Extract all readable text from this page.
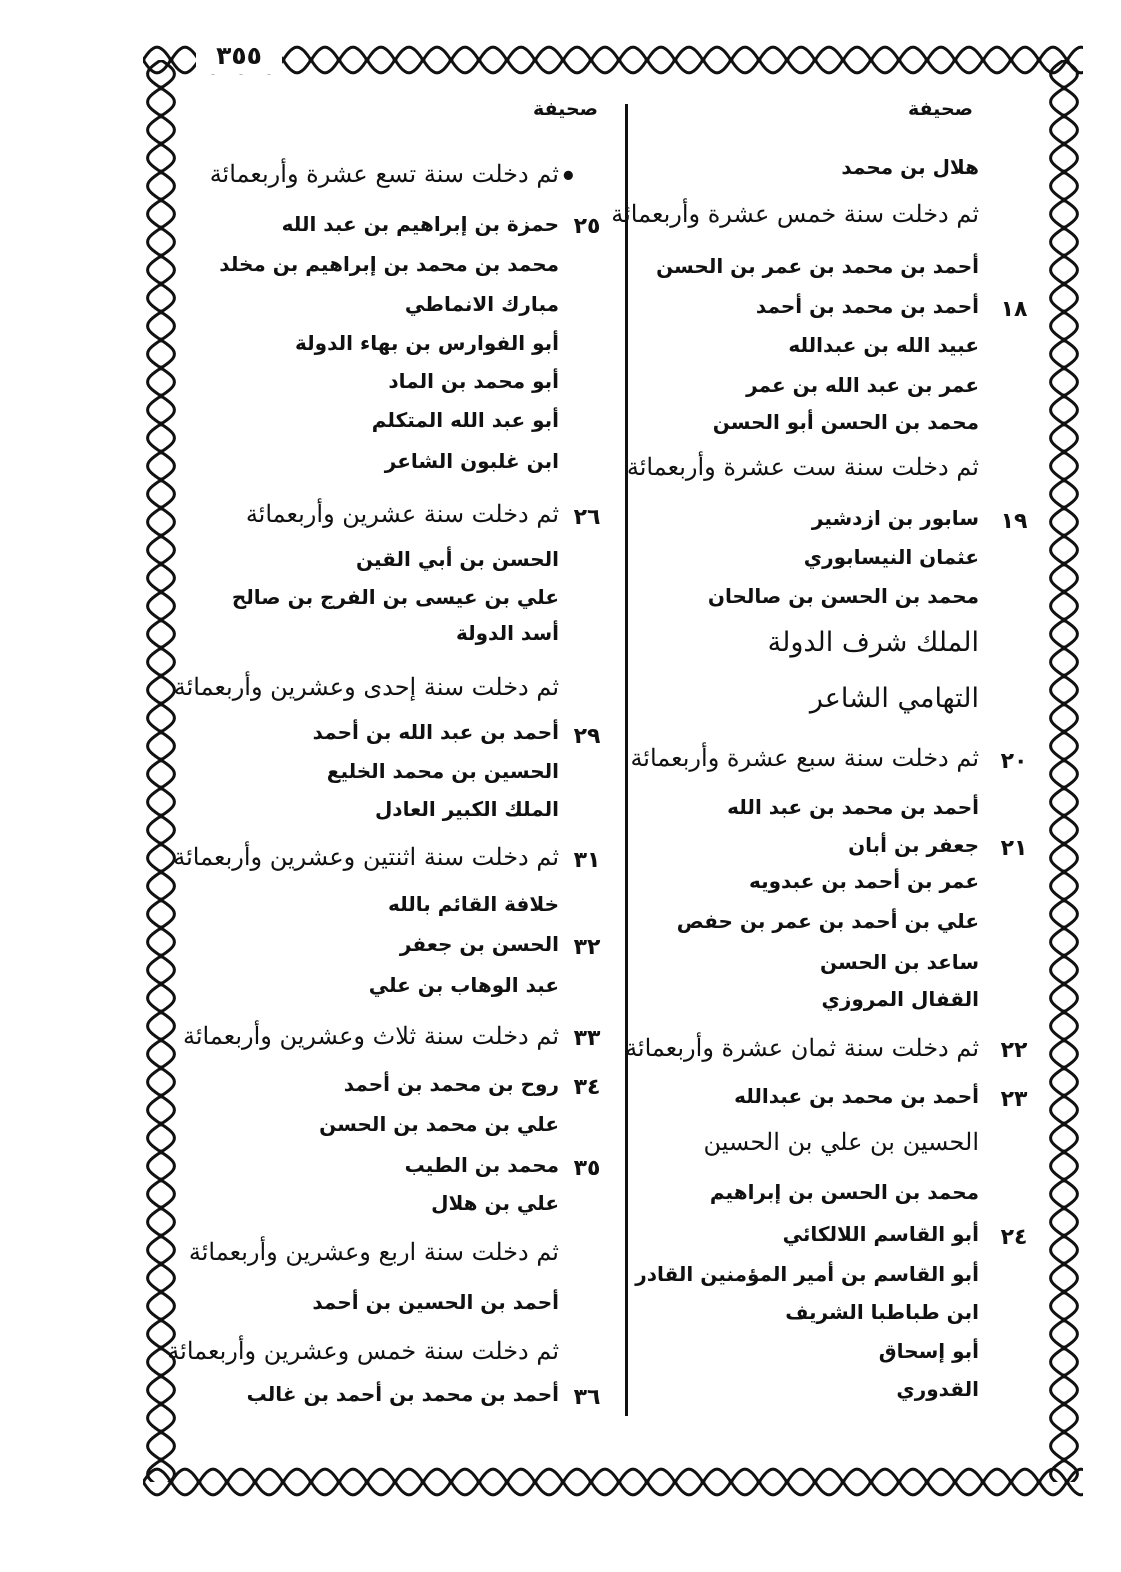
٣٥٥
صحيفة
صحيفة
•	هلال بن محمد
ثم دخلت سنة خمس عشرة وأربعمائة
أحمد بن محمد بن عمر بن الحسن
أحمد بن محمد بن أحمد
عبيد الله بن عبدالله
عمر بن عبد الله بن عمر
محمد بن الحسن أبو الحسن
ثم دخلت سنة ست عشرة وأربعمائة
سابور بن ازدشير
عثمان النيسابوري
محمد بن الحسن بن صالحان
الملك شرف الدولة
التهامي الشاعر
ثم دخلت سنة سبع عشرة وأربعمائة
أحمد بن محمد بن عبد الله
جعفر بن أبان
عمر بن أحمد بن عبدويه
علي بن أحمد بن عمر بن حفص
ساعد بن الحسن
القفال المروزي
ثم دخلت سنة ثمان عشرة وأربعمائة
أحمد بن محمد بن عبدالله
الحسين بن علي بن الحسين
محمد بن الحسن بن إبراهيم
أبو القاسم اللالكائي
أبو القاسم بن أمير المؤمنين القادر
ابن طباطبا الشريف
أبو إسحاق
القدوري
١٨
١٩
٢٠
٢١
٢٢
٢٣
٢٤
ثم دخلت سنة تسع عشرة وأربعمائة
حمزة بن إبراهيم بن عبد الله
محمد بن محمد بن إبراهيم بن مخلد
مبارك الانماطي
أبو الفوارس بن بهاء الدولة
أبو محمد بن الماد
أبو عبد الله المتكلم
ابن غلبون الشاعر
ثم دخلت سنة عشرين وأربعمائة
الحسن بن أبي القين
علي بن عيسى بن الفرج بن صالح
أسد الدولة
ثم دخلت سنة إحدى وعشرين وأربعمائة
أحمد بن عبد الله بن أحمد
الحسين بن محمد الخليع
الملك الكبير العادل
ثم دخلت سنة اثنتين وعشرين وأربعمائة
خلافة القائم بالله
الحسن بن جعفر
عبد الوهاب بن علي
ثم دخلت سنة ثلاث وعشرين وأربعمائة
روح بن محمد بن أحمد
علي بن محمد بن الحسن
محمد بن الطيب
علي بن هلال
ثم دخلت سنة اربع وعشرين وأربعمائة
أحمد بن الحسين بن أحمد
ثم دخلت سنة خمس وعشرين وأربعمائة
أحمد بن محمد بن أحمد بن غالب
٢٥
٢٦
٢٩
٣١
٣٢
٣٣
٣٤
٣٥
٣٦
